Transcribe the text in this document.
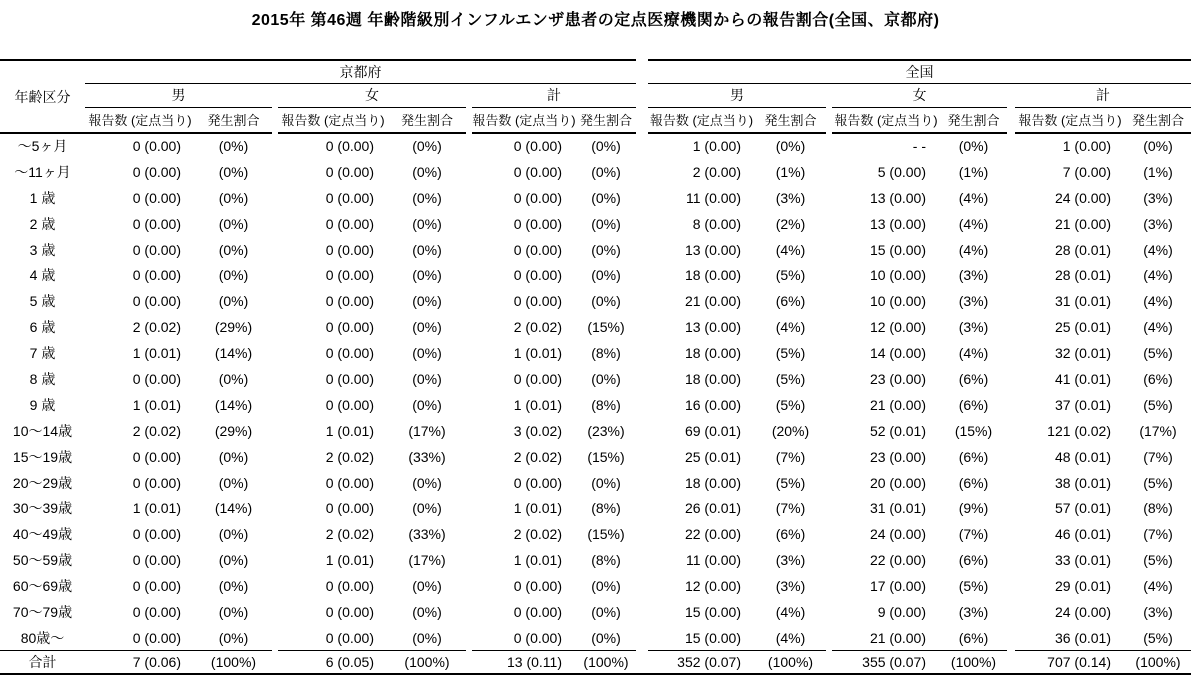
2015年 第46週 年齢階級別インフルエンザ患者の定点医療機関からの報告割合(全国、京都府)
年齢区分	京都府									全国							
	男			女			計			男			女			計	
	報告数 (定点当り)	発生割合		報告数 (定点当り)	発生割合		報告数 (定点当り)	発生割合		報告数 (定点当り)	発生割合		報告数 (定点当り)	発生割合		報告数 (定点当り)	発生割合
～5ヶ月	0 (0.00)	(0%)		0 (0.00)	(0%)		0 (0.00)	(0%)		1 (0.00)	(0%)		- -	(0%)		1 (0.00)	(0%)
～11ヶ月	0 (0.00)	(0%)		0 (0.00)	(0%)		0 (0.00)	(0%)		2 (0.00)	(1%)		5 (0.00)	(1%)		7 (0.00)	(1%)
1 歳	0 (0.00)	(0%)		0 (0.00)	(0%)		0 (0.00)	(0%)		11 (0.00)	(3%)		13 (0.00)	(4%)		24 (0.00)	(3%)
2 歳	0 (0.00)	(0%)		0 (0.00)	(0%)		0 (0.00)	(0%)		8 (0.00)	(2%)		13 (0.00)	(4%)		21 (0.00)	(3%)
3 歳	0 (0.00)	(0%)		0 (0.00)	(0%)		0 (0.00)	(0%)		13 (0.00)	(4%)		15 (0.00)	(4%)		28 (0.01)	(4%)
4 歳	0 (0.00)	(0%)		0 (0.00)	(0%)		0 (0.00)	(0%)		18 (0.00)	(5%)		10 (0.00)	(3%)		28 (0.01)	(4%)
5 歳	0 (0.00)	(0%)		0 (0.00)	(0%)		0 (0.00)	(0%)		21 (0.00)	(6%)		10 (0.00)	(3%)		31 (0.01)	(4%)
6 歳	2 (0.02)	(29%)		0 (0.00)	(0%)		2 (0.02)	(15%)		13 (0.00)	(4%)		12 (0.00)	(3%)		25 (0.01)	(4%)
7 歳	1 (0.01)	(14%)		0 (0.00)	(0%)		1 (0.01)	(8%)		18 (0.00)	(5%)		14 (0.00)	(4%)		32 (0.01)	(5%)
8 歳	0 (0.00)	(0%)		0 (0.00)	(0%)		0 (0.00)	(0%)		18 (0.00)	(5%)		23 (0.00)	(6%)		41 (0.01)	(6%)
9 歳	1 (0.01)	(14%)		0 (0.00)	(0%)		1 (0.01)	(8%)		16 (0.00)	(5%)		21 (0.00)	(6%)		37 (0.01)	(5%)
10～14歳	2 (0.02)	(29%)		1 (0.01)	(17%)		3 (0.02)	(23%)		69 (0.01)	(20%)		52 (0.01)	(15%)		121 (0.02)	(17%)
15～19歳	0 (0.00)	(0%)		2 (0.02)	(33%)		2 (0.02)	(15%)		25 (0.01)	(7%)		23 (0.00)	(6%)		48 (0.01)	(7%)
20～29歳	0 (0.00)	(0%)		0 (0.00)	(0%)		0 (0.00)	(0%)		18 (0.00)	(5%)		20 (0.00)	(6%)		38 (0.01)	(5%)
30～39歳	1 (0.01)	(14%)		0 (0.00)	(0%)		1 (0.01)	(8%)		26 (0.01)	(7%)		31 (0.01)	(9%)		57 (0.01)	(8%)
40～49歳	0 (0.00)	(0%)		2 (0.02)	(33%)		2 (0.02)	(15%)		22 (0.00)	(6%)		24 (0.00)	(7%)		46 (0.01)	(7%)
50～59歳	0 (0.00)	(0%)		1 (0.01)	(17%)		1 (0.01)	(8%)		11 (0.00)	(3%)		22 (0.00)	(6%)		33 (0.01)	(5%)
60～69歳	0 (0.00)	(0%)		0 (0.00)	(0%)		0 (0.00)	(0%)		12 (0.00)	(3%)		17 (0.00)	(5%)		29 (0.01)	(4%)
70～79歳	0 (0.00)	(0%)		0 (0.00)	(0%)		0 (0.00)	(0%)		15 (0.00)	(4%)		9 (0.00)	(3%)		24 (0.00)	(3%)
80歳～	0 (0.00)	(0%)		0 (0.00)	(0%)		0 (0.00)	(0%)		15 (0.00)	(4%)		21 (0.00)	(6%)		36 (0.01)	(5%)
合計	7 (0.06)	(100%)		6 (0.05)	(100%)		13 (0.11)	(100%)		352 (0.07)	(100%)		355 (0.07)	(100%)		707 (0.14)	(100%)
